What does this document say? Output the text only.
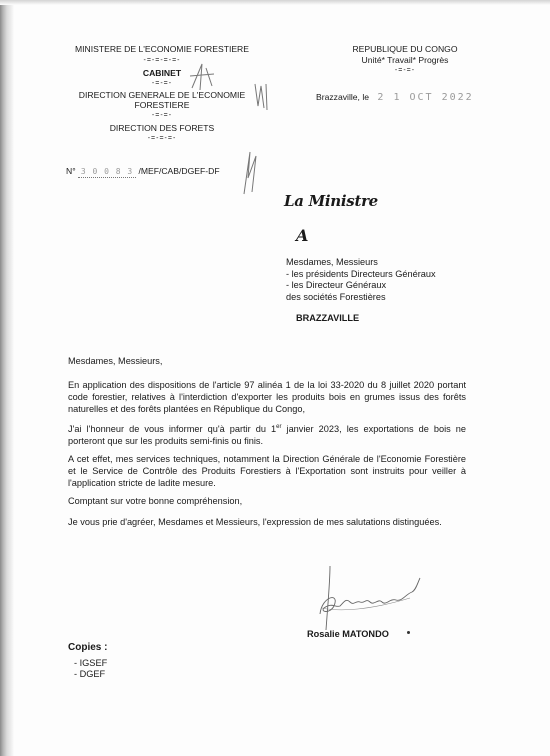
MINISTERE DE L'ECONOMIE FORESTIERE
-=-=-=-=-
CABINET
-=-=-
DIRECTION GENERALE DE L'ECONOMIE
FORESTIERE
-=-=-
DIRECTION DES FORETS
-=-=-=-
N° 3 0 0 8 3 /MEF/CAB/DGEF-DF
REPUBLIQUE DU CONGO
Unité* Travail* Progrès
-=-=-
Brazzaville, le 2 1 OCT 2022
La Ministre
A
Mesdames, Messieurs
- les présidents Directeurs Généraux
- les Directeur Généraux
des sociétés Forestières
BRAZZAVILLE

Mesdames, Messieurs,

En application des dispositions de l'article 97 alinéa 1 de la loi 33-2020 du 8 juillet 2020 portant code forestier, relatives à l'interdiction d'exporter les produits bois en grumes issus des forêts naturelles et des forêts plantées en République du Congo,

J'ai l'honneur de vous informer qu'à partir du 1er janvier 2023, les exportations de bois ne porteront que sur les produits semi-finis ou finis.

A cet effet, mes services techniques, notamment la Direction Générale de l'Economie Forestière et le Service de Contrôle des Produits Forestiers à l'Exportation sont instruits pour veiller à l'application stricte de ladite mesure.

Comptant sur votre bonne compréhension,

Je vous prie d'agréer, Mesdames et Messieurs, l'expression de mes salutations distinguées.

Rosalie MATONDO
Copies :
- IGSEF
- DGEF
